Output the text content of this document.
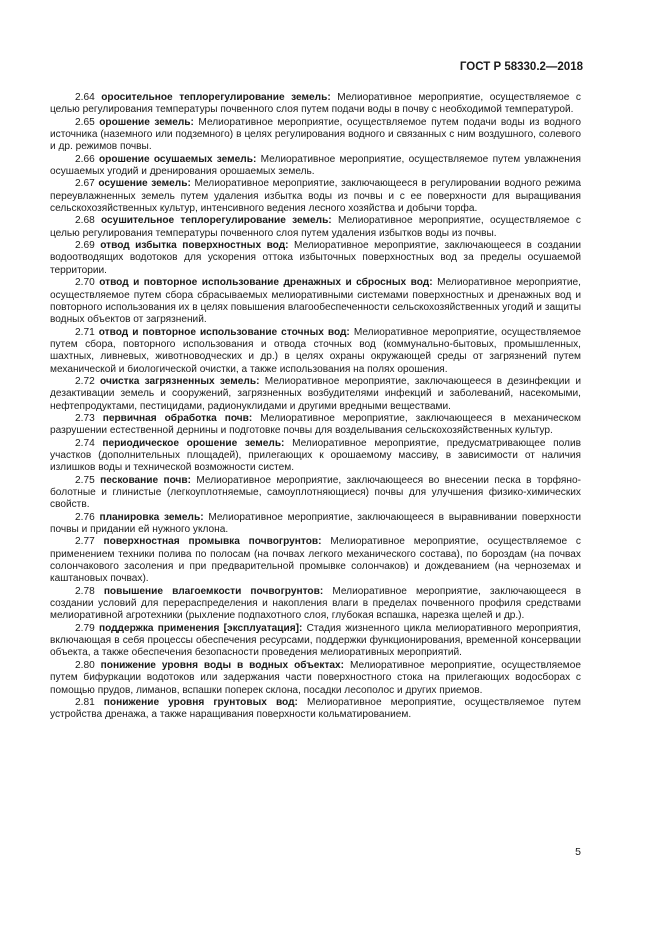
ГОСТ Р 58330.2—2018

2.64 оросительное теплорегулирование земель: Мелиоративное мероприятие, осуществляемое с целью регулирования температуры почвенного слоя путем подачи воды в почву с необходимой температурой.

2.65 орошение земель: Мелиоративное мероприятие, осуществляемое путем подачи воды из водного источника (наземного или подземного) в целях регулирования водного и связанных с ним воздушного, солевого и др. режимов почвы.

2.66 орошение осушаемых земель: Мелиоративное мероприятие, осуществляемое путем увлажнения осушаемых угодий и дренирования орошаемых земель.

2.67 осушение земель: Мелиоративное мероприятие, заключающееся в регулировании водного режима переувлажненных земель путем удаления избытка воды из почвы и с ее поверхности для выращивания сельскохозяйственных культур, интенсивного ведения лесного хозяйства и добычи торфа.

2.68 осушительное теплорегулирование земель: Мелиоративное мероприятие, осуществляемое с целью регулирования температуры почвенного слоя путем удаления избытков воды из почвы.

2.69 отвод избытка поверхностных вод: Мелиоративное мероприятие, заключающееся в создании водоотводящих водотоков для ускорения оттока избыточных поверхностных вод за пределы осушаемой территории.

2.70 отвод и повторное использование дренажных и сбросных вод: Мелиоративное мероприятие, осуществляемое путем сбора сбрасываемых мелиоративными системами поверхностных и дренажных вод и повторного использования их в целях повышения влагообеспеченности сельскохозяйственных угодий и защиты водных объектов от загрязнений.

2.71 отвод и повторное использование сточных вод: Мелиоративное мероприятие, осуществляемое путем сбора, повторного использования и отвода сточных вод (коммунально-бытовых, промышленных, шахтных, ливневых, животноводческих и др.) в целях охраны окружающей среды от загрязнений путем механической и биологической очистки, а также использования на полях орошения.

2.72 очистка загрязненных земель: Мелиоративное мероприятие, заключающееся в дезинфекции и дезактивации земель и сооружений, загрязненных возбудителями инфекций и заболеваний, насекомыми, нефтепродуктами, пестицидами, радионуклидами и другими вредными веществами.

2.73 первичная обработка почв: Мелиоративное мероприятие, заключающееся в механическом разрушении естественной дернины и подготовке почвы для возделывания сельскохозяйственных культур.

2.74 периодическое орошение земель: Мелиоративное мероприятие, предусматривающее полив участков (дополнительных площадей), прилегающих к орошаемому массиву, в зависимости от наличия излишков воды и технической возможности систем.

2.75 пескование почв: Мелиоративное мероприятие, заключающееся во внесении песка в торфяно-болотные и глинистые (легкоуплотняемые, самоуплотняющиеся) почвы для улучшения физико-химических свойств.

2.76 планировка земель: Мелиоративное мероприятие, заключающееся в выравнивании поверхности почвы и придании ей нужного уклона.

2.77 поверхностная промывка почвогрунтов: Мелиоративное мероприятие, осуществляемое с применением техники полива по полосам (на почвах легкого механического состава), по бороздам (на почвах солончакового засоления и при предварительной промывке солончаков) и дождеванием (на черноземах и каштановых почвах).

2.78 повышение влагоемкости почвогрунтов: Мелиоративное мероприятие, заключающееся в создании условий для перераспределения и накопления влаги в пределах почвенного профиля средствами мелиоративной агротехники (рыхление подпахотного слоя, глубокая вспашка, нарезка щелей и др.).

2.79 поддержка применения [эксплуатация]: Стадия жизненного цикла мелиоративного мероприятия, включающая в себя процессы обеспечения ресурсами, поддержки функционирования, временной консервации объекта, а также обеспечения безопасности проведения мелиоративных мероприятий.

2.80 понижение уровня воды в водных объектах: Мелиоративное мероприятие, осуществляемое путем бифуркации водотоков или задержания части поверхностного стока на прилегающих водосборах с помощью прудов, лиманов, вспашки поперек склона, посадки лесополос и других приемов.

2.81 понижение уровня грунтовых вод: Мелиоративное мероприятие, осуществляемое путем устройства дренажа, а также наращивания поверхности кольматированием.

5
